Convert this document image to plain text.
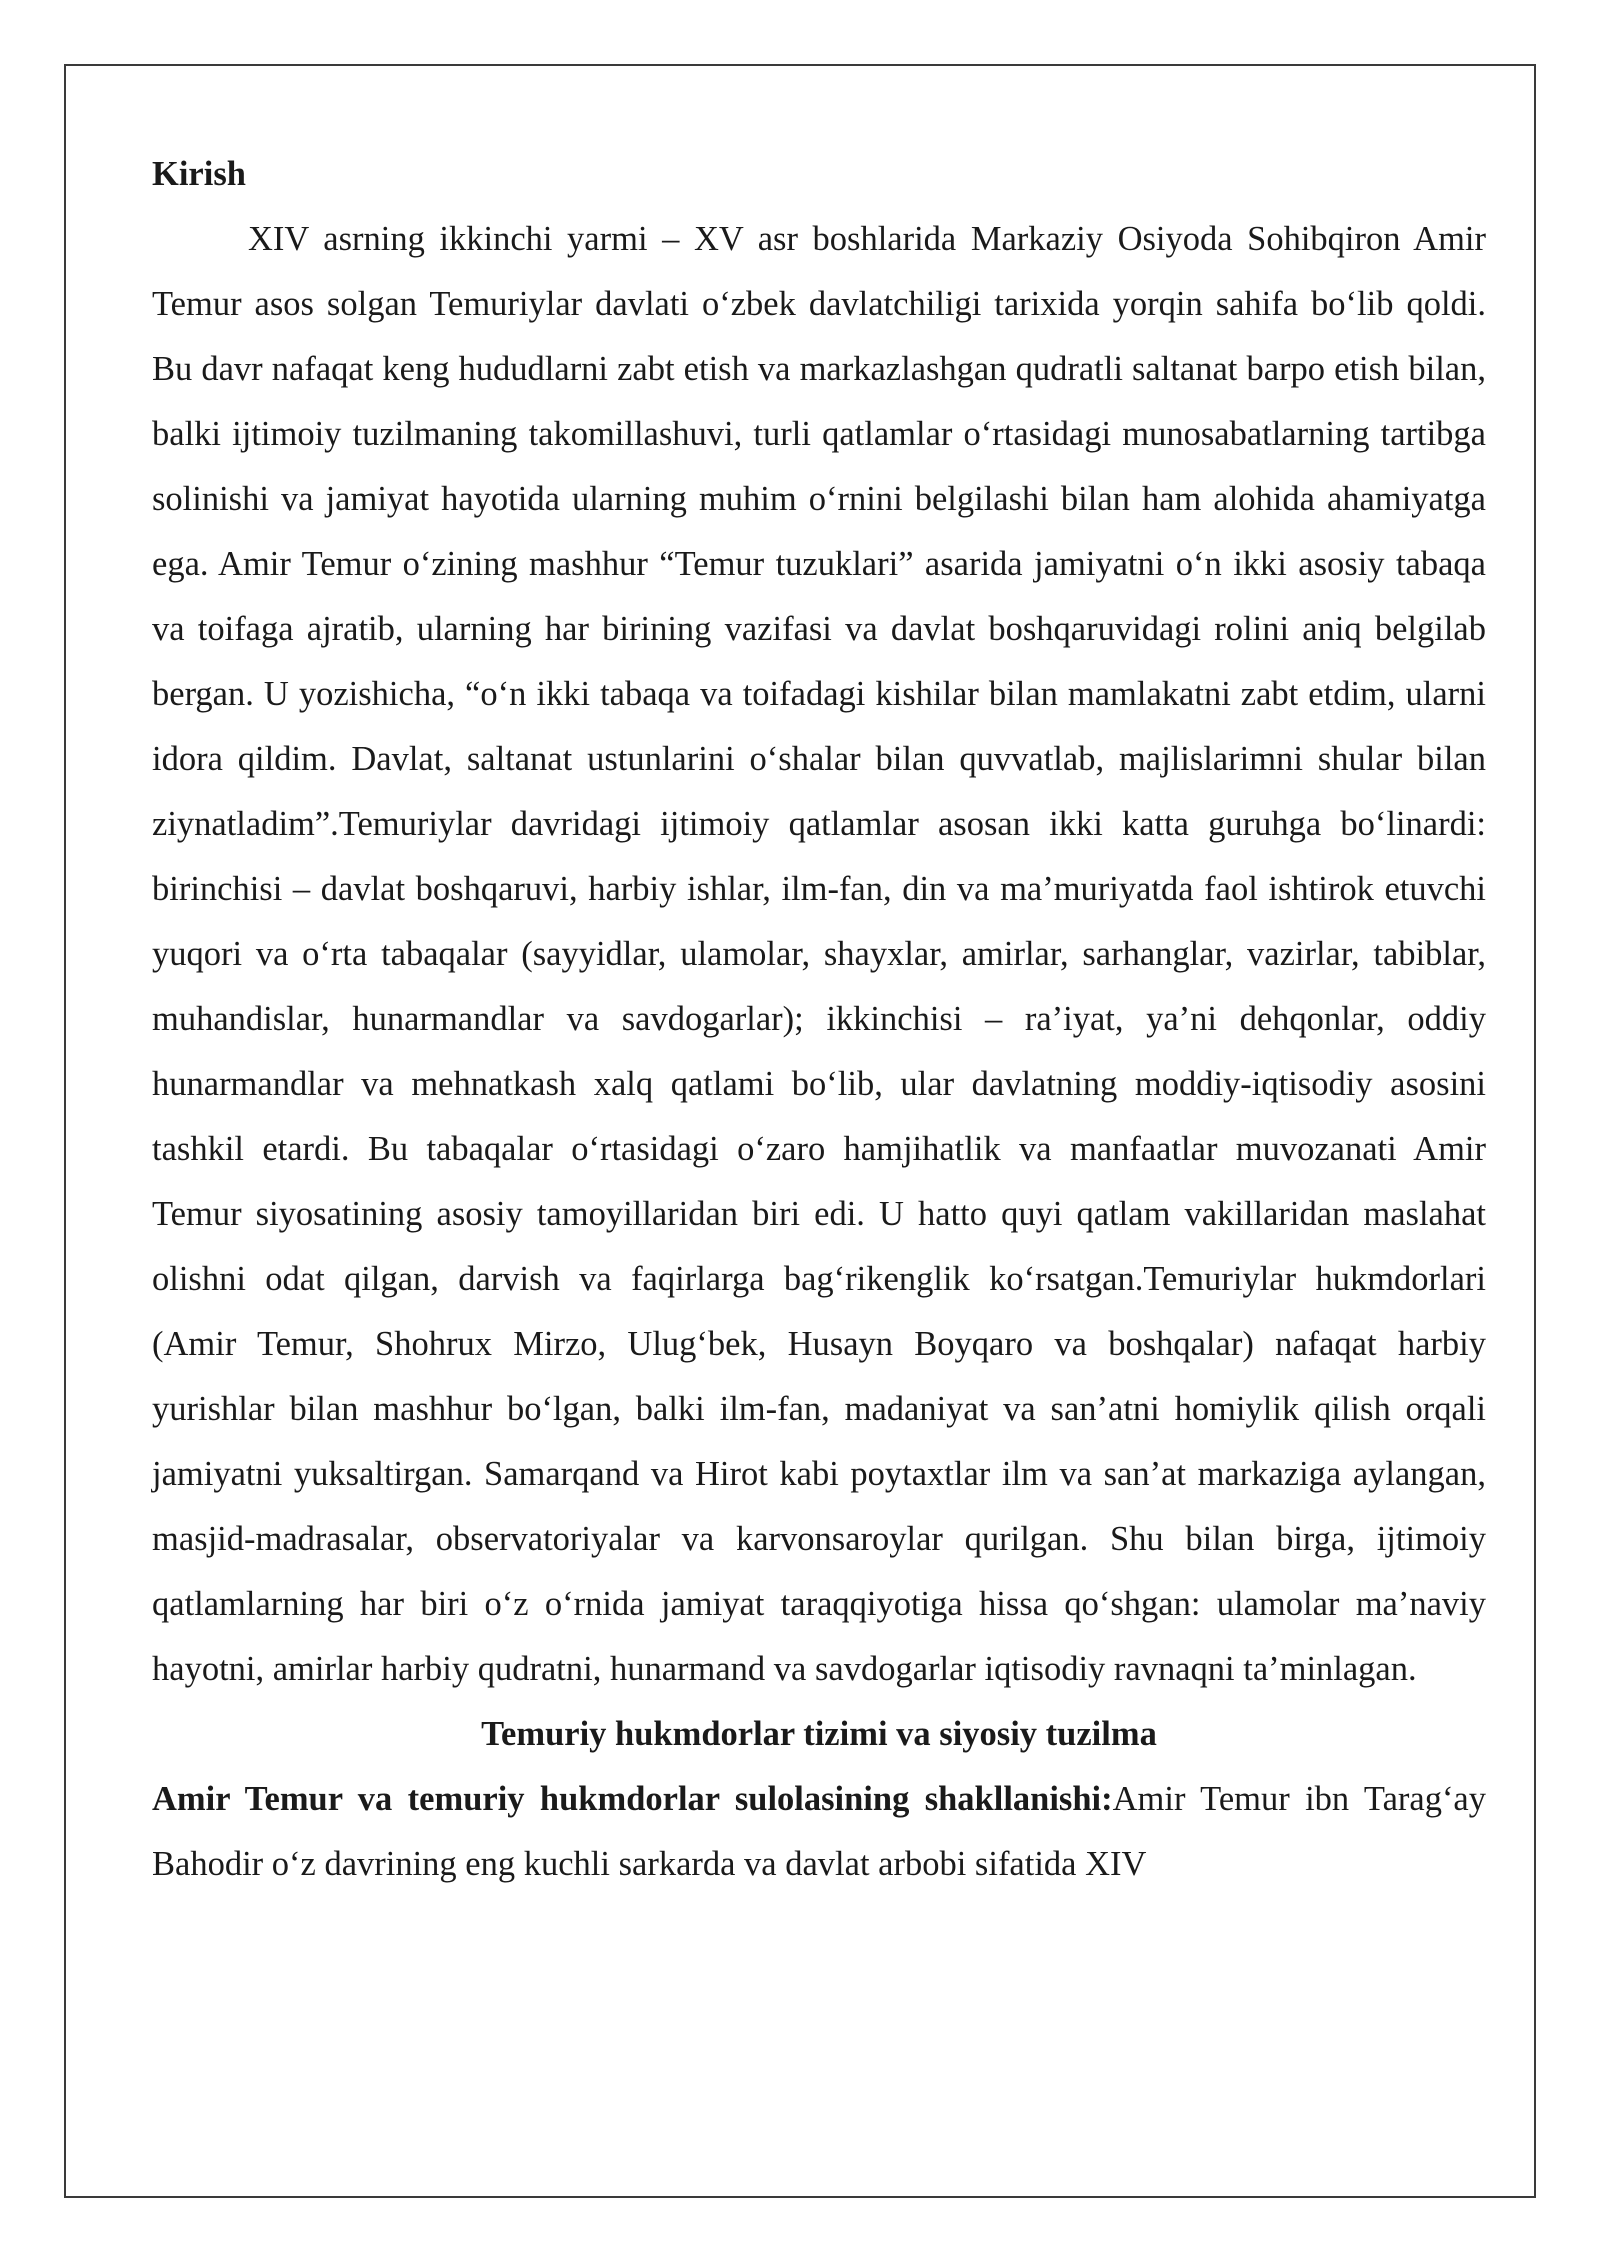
Kirish

XIV asrning ikkinchi yarmi – XV asr boshlarida Markaziy Osiyoda Sohibqiron Amir Temur asos solgan Temuriylar davlati o‘zbek davlatchiligi tarixida yorqin sahifa bo‘lib qoldi. Bu davr nafaqat keng hududlarni zabt etish va markazlashgan qudratli saltanat barpo etish bilan, balki ijtimoiy tuzilmaning takomillashuvi, turli qatlamlar o‘rtasidagi munosabatlarning tartibga solinishi va jamiyat hayotida ularning muhim o‘rnini belgilashi bilan ham alohida ahamiyatga ega. Amir Temur o‘zining mashhur “Temur tuzuklari” asarida jamiyatni o‘n ikki asosiy tabaqa va toifaga ajratib, ularning har birining vazifasi va davlat boshqaruvidagi rolini aniq belgilab bergan. U yozishicha, “o‘n ikki tabaqa va toifadagi kishilar bilan mamlakatni zabt etdim, ularni idora qildim. Davlat, saltanat ustunlarini o‘shalar bilan quvvatlab, majlislarimni shular bilan ziynatladim”.Temuriylar davridagi ijtimoiy qatlamlar asosan ikki katta guruhga bo‘linardi: birinchisi – davlat boshqaruvi, harbiy ishlar, ilm-fan, din va ma’muriyatda faol ishtirok etuvchi yuqori va o‘rta tabaqalar (sayyidlar, ulamolar, shayxlar, amirlar, sarhanglar, vazirlar, tabiblar, muhandislar, hunarmandlar va savdogarlar); ikkinchisi – ra’iyat, ya’ni dehqonlar, oddiy hunarmandlar va mehnatkash xalq qatlami bo‘lib, ular davlatning moddiy-iqtisodiy asosini tashkil etardi. Bu tabaqalar o‘rtasidagi o‘zaro hamjihatlik va manfaatlar muvozanati Amir Temur siyosatining asosiy tamoyillaridan biri edi. U hatto quyi qatlam vakillaridan maslahat olishni odat qilgan, darvish va faqirlarga bag‘rikenglik ko‘rsatgan.Temuriylar hukmdorlari (Amir Temur, Shohrux Mirzo, Ulug‘bek, Husayn Boyqaro va boshqalar) nafaqat harbiy yurishlar bilan mashhur bo‘lgan, balki ilm-fan, madaniyat va san’atni homiylik qilish orqali jamiyatni yuksaltirgan. Samarqand va Hirot kabi poytaxtlar ilm va san’at markaziga aylangan, masjid-madrasalar, observatoriyalar va karvonsaroylar qurilgan. Shu bilan birga, ijtimoiy qatlamlarning har biri o‘z o‘rnida jamiyat taraqqiyotiga hissa qo‘shgan: ulamolar ma’naviy hayotni, amirlar harbiy qudratni, hunarmand va savdogarlar iqtisodiy ravnaqni ta’minlagan.

Temuriy hukmdorlar tizimi va siyosiy tuzilma

Amir Temur va temuriy hukmdorlar sulolasining shakllanishi:Amir Temur ibn Tarag‘ay Bahodir o‘z davrining eng kuchli sarkarda va davlat arbobi sifatida XIV
